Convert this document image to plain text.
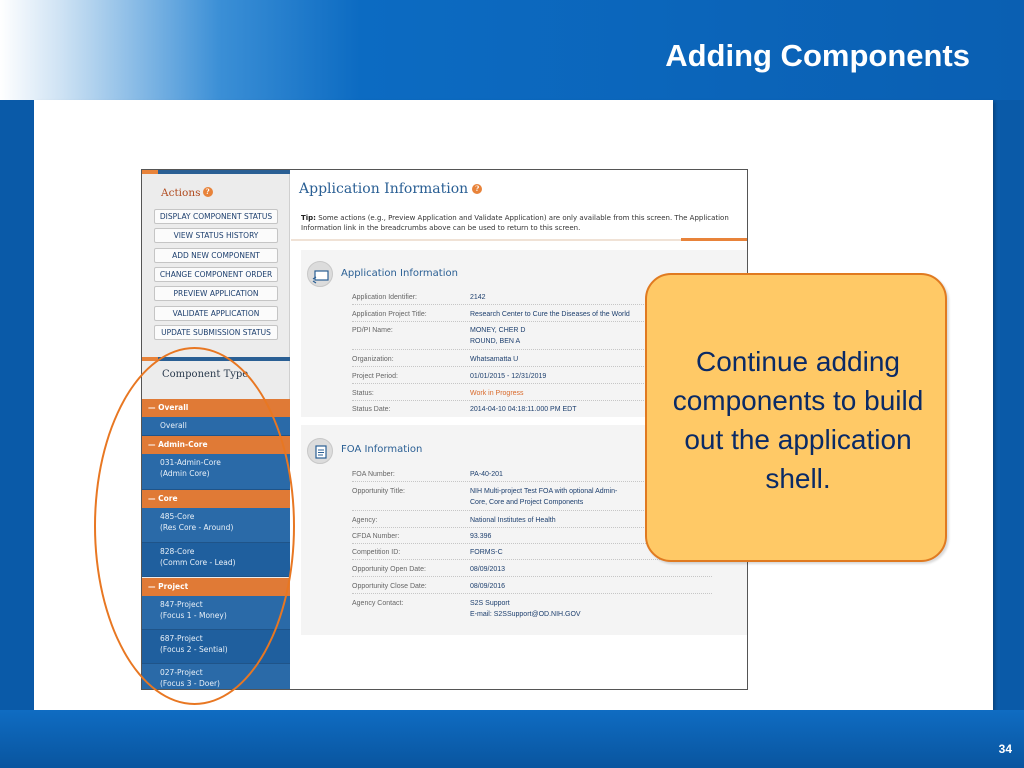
Adding Components
34
Actions ?
DISPLAY COMPONENT STATUS
VIEW STATUS HISTORY
ADD NEW COMPONENT
CHANGE COMPONENT ORDER
PREVIEW APPLICATION
VALIDATE APPLICATION
UPDATE SUBMISSION STATUS
Component Type
— Overall
Overall
— Admin-Core
031-Admin-Core
(Admin Core)
— Core
485-Core
(Res Core - Around)
828-Core
(Comm Core - Lead)
— Project
847-Project
(Focus 1 - Money)
687-Project
(Focus 2 - Sential)
027-Project
(Focus 3 - Doer)
Application Information ?
Tip: Some actions (e.g., Preview Application and Validate Application) are only available from this screen. The Application Information link in the breadcrumbs above can be used to return to this screen.
Application Information
FOA Information
Application Identifier:	2142
Application Project Title:	Research Center to Cure the Diseases of the World
PD/PI Name:	MONEY, CHER D
ROUND, BEN A
Organization:	Whatsamatta U
Project Period:	01/01/2015 - 12/31/2019
Status:	Work in Progress
Status Date:	2014-04-10 04:18:11.000 PM EDT
FOA Number:	PA-40-201
Opportunity Title:	NIH Multi-project Test FOA with optional Admin-
Core, Core and Project Components
Agency:	National Institutes of Health
CFDA Number:	93.396
Competition ID:	FORMS-C
Opportunity Open Date:	08/09/2013
Opportunity Close Date:	08/09/2016
Agency Contact:	S2S Support
E-mail: S2SSupport@OD.NIH.GOV
Continue adding components to build out the application shell.
